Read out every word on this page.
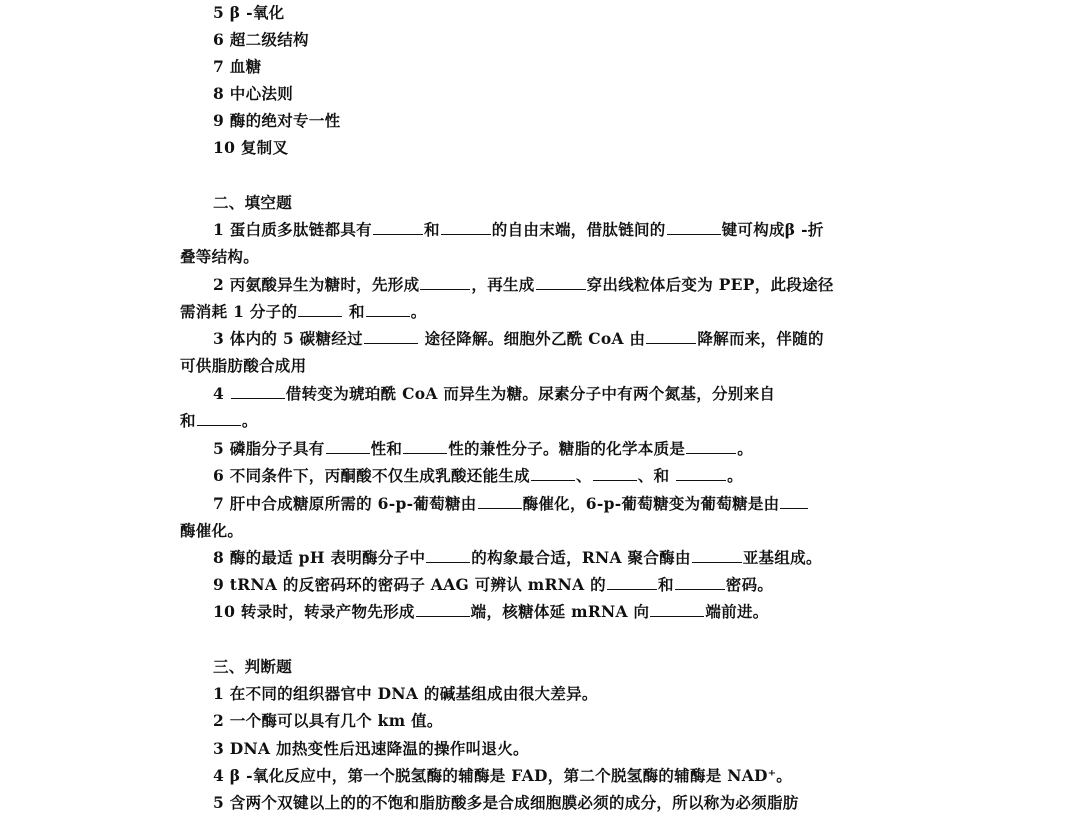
5 β -氧化
6 超二级结构
7 血糖
8 中心法则
9 酶的绝对专一性
10 复制叉
二、填空题
1 蛋白质多肽链都具有	和	的自由末端，借肽链间的	键可构成β -折
叠等结构。
2 丙氨酸异生为糖时，先形成	，再生成	穿出线粒体后变为 PEP，此段途径
需消耗 1 分子的	和	。
3 体内的 5 碳糖经过	途径降解。细胞外乙酰 CoA 由	降解而来，伴随的
可供脂肪酸合成用
4	借转变为琥珀酰 CoA 而异生为糖。尿素分子中有两个氮基，分别来自
和	。
5 磷脂分子具有	性和	性的兼性分子。糖脂的化学本质是	。
6 不同条件下，丙酮酸不仅生成乳酸还能生成	、	、和	。
7 肝中合成糖原所需的 6-p-葡萄糖由	酶催化，6-p-葡萄糖变为葡萄糖是由
酶催化。
8 酶的最适 pH 表明酶分子中	的构象最合适，RNA 聚合酶由	亚基组成。
9 tRNA 的反密码环的密码子 AAG 可辨认 mRNA 的	和	密码。
10 转录时，转录产物先形成	端，核糖体延 mRNA 向	端前进。
三、判断题
1 在不同的组织器官中 DNA 的碱基组成由很大差异。
2 一个酶可以具有几个 km 值。
3 DNA 加热变性后迅速降温的操作叫退火。
4 β -氧化反应中，第一个脱氢酶的辅酶是 FAD，第二个脱氢酶的辅酶是 NAD⁺。
5 含两个双键以上的的不饱和脂肪酸多是合成细胞膜必须的成分，所以称为必须脂肪
